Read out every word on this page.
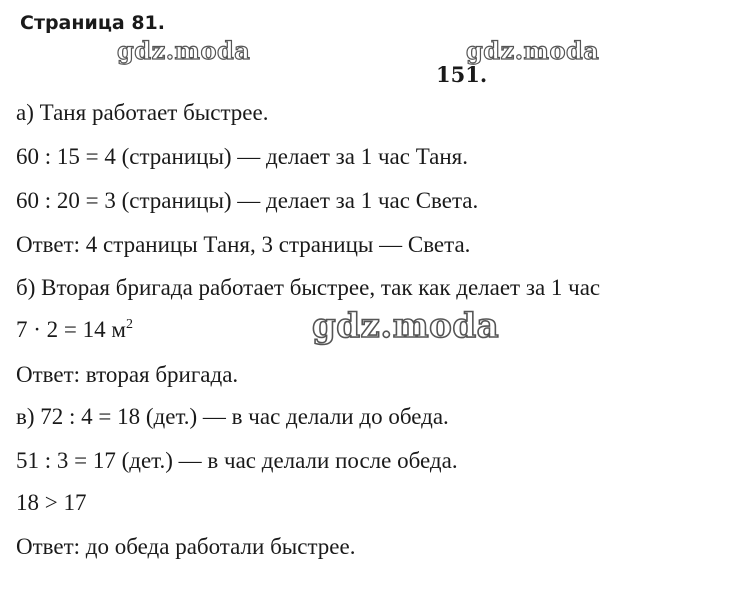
Страница 81.
gdz.moda	gdz.moda
151.
а) Таня работает быстрее.
60 : 15 = 4 (страницы) — делает за 1 час Таня.
60 : 20 = 3 (страницы) — делает за 1 час Света.
Ответ: 4 страницы Таня, 3 страницы — Света.
б) Вторая бригада работает быстрее, так как делает за 1 час
7 · 2 = 14 $м^2$
Ответ: вторая бригада.
в) 72 : 4 = 18 (дет.) — в час делали до обеда.
51 : 3 = 17 (дет.) — в час делали после обеда.
18 > 17
Ответ: до обеда работали быстрее.
gdz.moda
